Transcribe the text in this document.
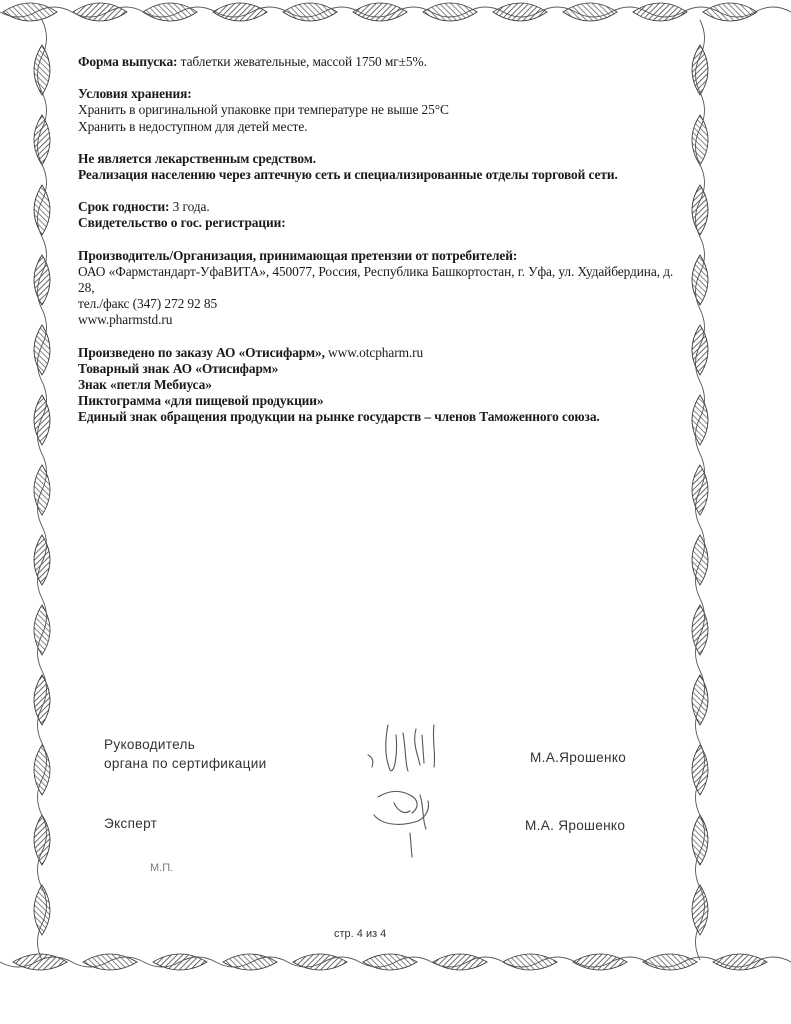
Форма выпуска: таблетки жевательные, массой 1750 мг±5%.

Условия хранения:

Хранить в оригинальной упаковке при температуре не выше 25°С

Хранить в недоступном для детей месте.

Не является лекарственным средством.

Реализация населению через аптечную сеть и специализированные отделы торговой сети.

Срок годности: 3 года.

Свидетельство о гос. регистрации:

Производитель/Организация, принимающая претензии от потребителей:

ОАО «Фармстандарт-УфаВИТА», 450077, Россия, Республика Башкортостан, г. Уфа, ул. Худайбердина, д. 28,

тел./факс (347) 272 92 85

www.pharmstd.ru

Произведено по заказу АО «Отисифарм», www.otcpharm.ru

Товарный знак АО «Отисифарм»

Знак «петля Мебиуса»

Пиктограмма «для пищевой продукции»

Единый знак обращения продукции на рынке государств – членов Таможенного союза.

Руководитель
органа по сертификации	М.А.Ярошенко
Эксперт	М.А. Ярошенко
М.П.
стр. 4 из 4
